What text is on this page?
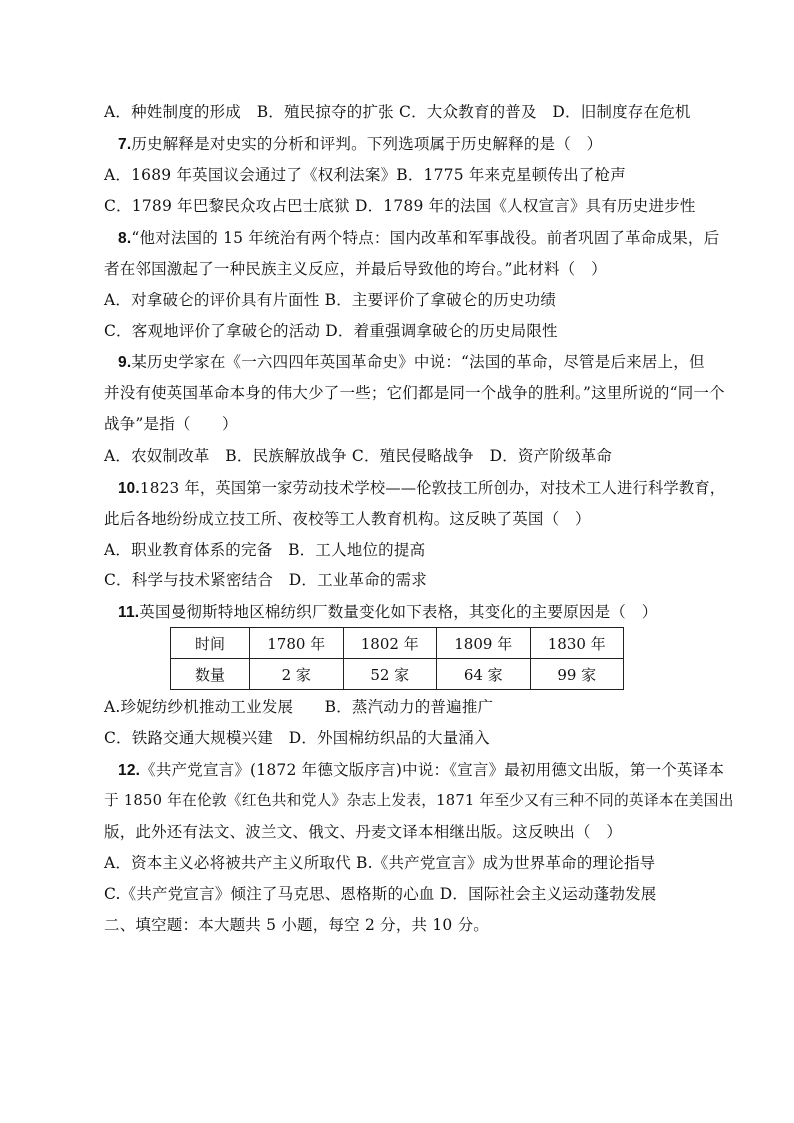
A．种姓制度的形成　B．殖民掠夺的扩张 C．大众教育的普及　D．旧制度存在危机
7.历史解释是对史实的分析和评判。下列选项属于历史解释的是（　）
A．1689 年英国议会通过了《权利法案》B．1775 年来克星顿传出了枪声
C．1789 年巴黎民众攻占巴士底狱 D．1789 年的法国《人权宣言》具有历史进步性
8.“他对法国的 15 年统治有两个特点：国内改革和军事战役。前者巩固了革命成果，后
者在邻国激起了一种民族主义反应，并最后导致他的垮台。”此材料（　）
A．对拿破仑的评价具有片面性 B．主要评价了拿破仑的历史功绩
C．客观地评价了拿破仑的活动 D．着重强调拿破仑的历史局限性
9.某历史学家在《一六四四年英国革命史》中说：“法国的革命，尽管是后来居上，但
并没有使英国革命本身的伟大少了一些；它们都是同一个战争的胜利。”这里所说的“同一个
战争”是指（　　）
A．农奴制改革　B．民族解放战争 C．殖民侵略战争　D．资产阶级革命
10.1823 年，英国第一家劳动技术学校——伦敦技工所创办，对技术工人进行科学教育，
此后各地纷纷成立技工所、夜校等工人教育机构。这反映了英国（　）
A．职业教育体系的完备　B．工人地位的提高
C．科学与技术紧密结合　D．工业革命的需求
11.英国曼彻斯特地区棉纺织厂数量变化如下表格，其变化的主要原因是（　）
时间	1780 年	1802 年	1809 年	1830 年
数量	2 家	52 家	64 家	99 家
A.珍妮纺纱机推动工业发展　　B．蒸汽动力的普遍推广
C．铁路交通大规模兴建　D．外国棉纺织品的大量涌入
12.《共产党宣言》(1872 年德文版序言)中说：《宣言》最初用德文出版，第一个英译本
于 1850 年在伦敦《红色共和党人》杂志上发表，1871 年至少又有三种不同的英译本在美国出
版，此外还有法文、波兰文、俄文、丹麦文译本相继出版。这反映出（　）
A．资本主义必将被共产主义所取代 B.《共产党宣言》成为世界革命的理论指导
C.《共产党宣言》倾注了马克思、恩格斯的心血 D．国际社会主义运动蓬勃发展
二、填空题：本大题共 5 小题，每空 2 分，共 10 分。
